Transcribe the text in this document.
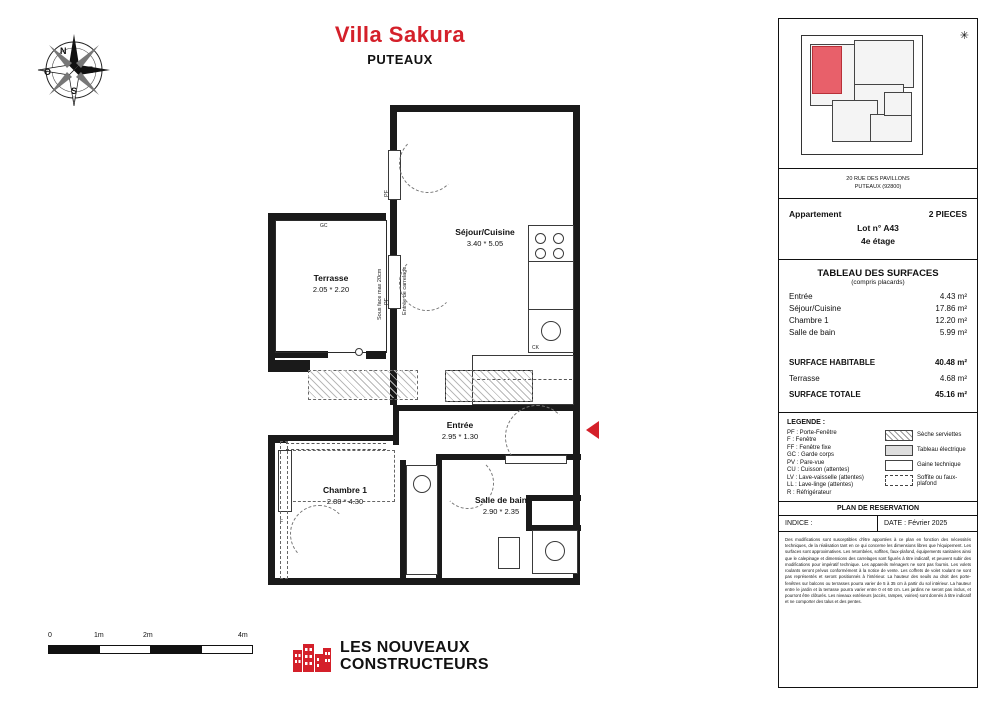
N
E
S
O
Villa Sakura
PUTEAUX
GC
Terrasse
2.05 * 2.20
Séjour/Cuisine
3.40 * 5.05
CK
Entrée de carrelage
PF
PF
Sous face max 20cm
Entrée
2.95 * 1.30
Chambre 1
2.80 * 4.30
F
Salle de bain
2.90 * 2.35
0	1m	2m	4m
LES NOUVEAUX
CONSTRUCTEURS
✳
20 RUE DES PAVILLONS
PUTEAUX (92800)
Appartement	2 PIECES
Lot n° A43
4e étage
TABLEAU DES SURFACES
(compris placards)
Entrée	4.43 m²
Séjour/Cuisine	17.86 m²
Chambre 1	12.20 m²
Salle de bain	5.99 m²
SURFACE HABITABLE	40.48 m²
Terrasse	4.68 m²
SURFACE TOTALE	45.16 m²
LEGENDE :
PF : Porte-Fenêtre
F : Fenêtre
FF : Fenêtre fixe
GC : Garde corps
PV : Pare-vue
CU : Cuisson (attentes)
LV : Lave-vaisselle (attentes)
LL : Lave-linge (attentes)
R : Réfrigérateur
Sèche serviettes
Tableau électrique
Gaine technique
Soffite ou faux-plafond
PLAN DE RESERVATION
INDICE :	DATE : Février 2025
Des modifications sont susceptibles d'être apportées à ce plan en fonction des nécessités techniques, de la réalisation tant en ce qui concerne les dimensions libres que l'équipement. Les surfaces sont approximatives. Les retombées, soffites, faux-plafond, équipements sanitaires ainsi que le calepinage et dimensions des carrelages sont figurés à titre indicatif, et peuvent subir des modifications pour impératif technique. Les appareils ménagers ne sont pas fournis. Les volets roulants seront prévus conformément à la notice de vente. Les coffrets de volet roulant ne sont pas représentés et seront positionnés à l'intérieur. La hauteur des seuils au droit des porte-fenêtres sur balcons ou terrasses pourra varier de 5 à 35 cm à partir du sol intérieur. La hauteur entre le jardin et la terrasse pourra varier entre 0 et 60 cm. Les jardins ne seront pas inclus, et pourront être clôturés. Les niveaux extérieurs (accès, rampes, voiries) sont donnés à titre indicatif et ne comporter des talus et des pentes.
